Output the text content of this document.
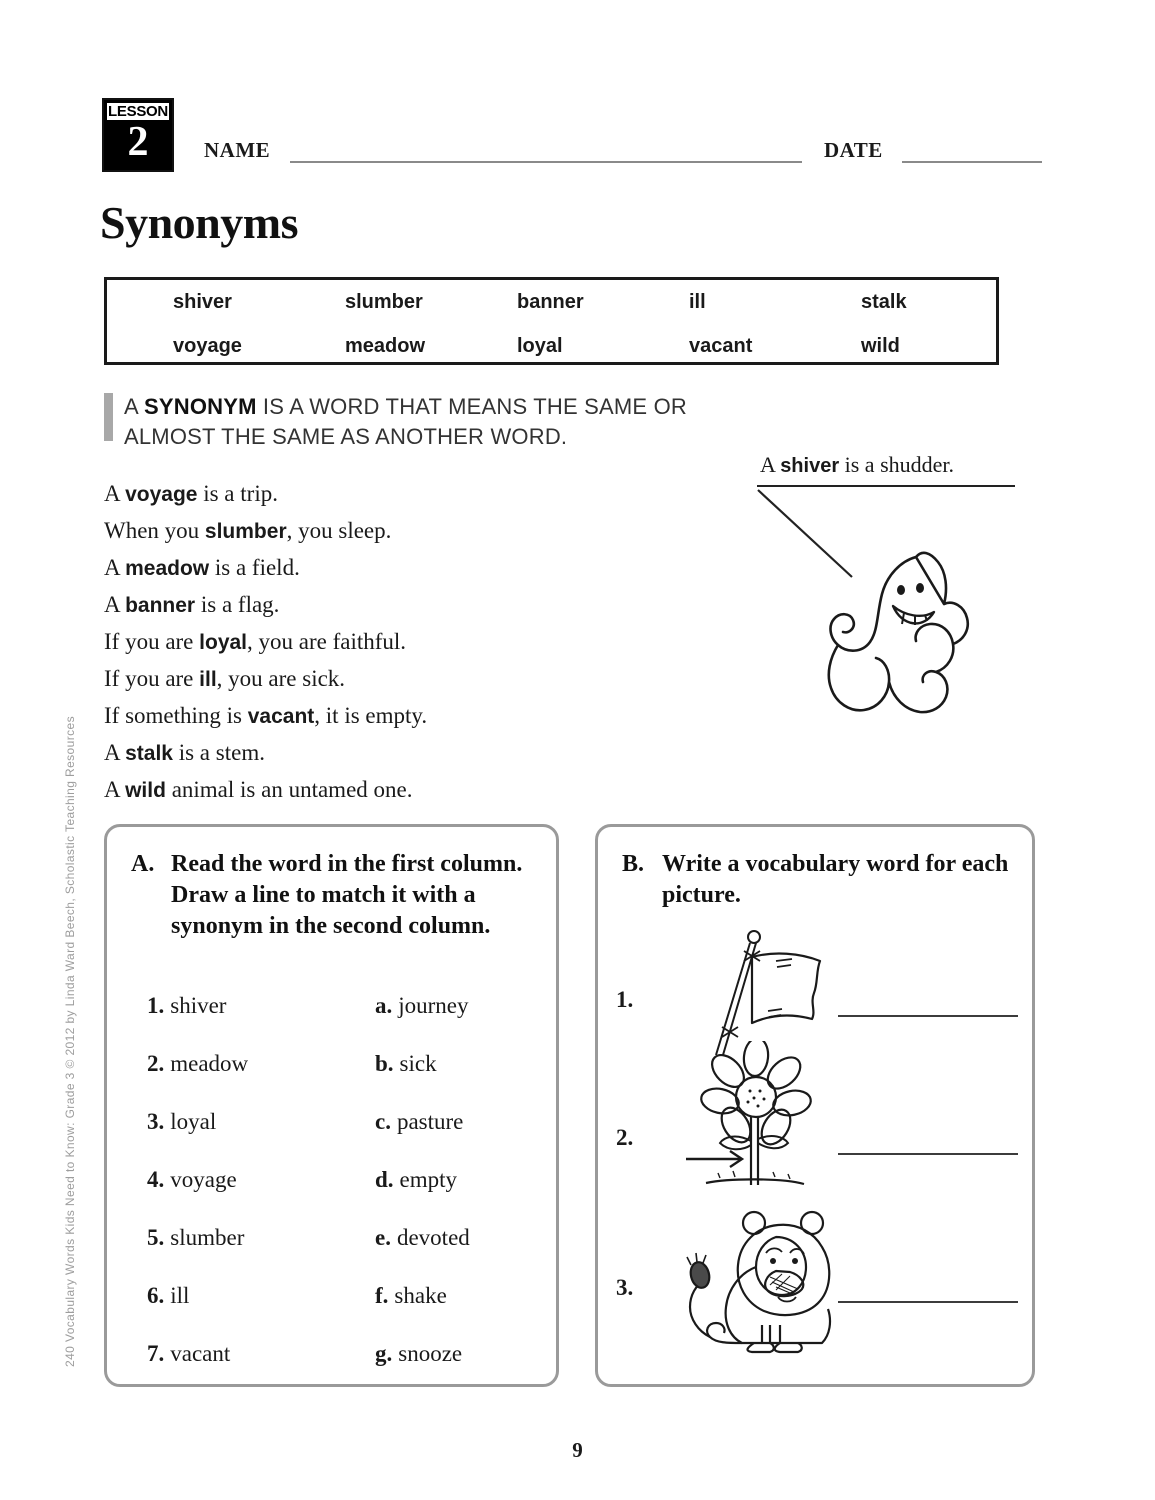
LESSON
2	NAME	DATE
Synonyms
shiver	slumber	banner	ill	stalk
voyage	meadow	loyal	vacant	wild
A SYNONYM IS A WORD THAT MEANS THE SAME OR
ALMOST THE SAME AS ANOTHER WORD.
A voyage is a trip.
When you slumber, you sleep.
A meadow is a field.
A banner is a flag.
If you are loyal, you are faithful.
If you are ill, you are sick.
If something is vacant, it is empty.
A stalk is a stem.
A wild animal is an untamed one.
A shiver is a shudder.
A. Read the word in the first column. Draw a line to match it with a synonym in the second column.
1. shiver	a. journey
2. meadow	b. sick
3. loyal	c. pasture
4. voyage	d. empty
5. slumber	e. devoted
6. ill	f. shake
7. vacant	g. snooze
B. Write a vocabulary word for each picture.
1.
2.
3.
9
240 Vocabulary Words Kids Need to Know: Grade 3 © 2012 by Linda Ward Beech, Scholastic Teaching Resources
